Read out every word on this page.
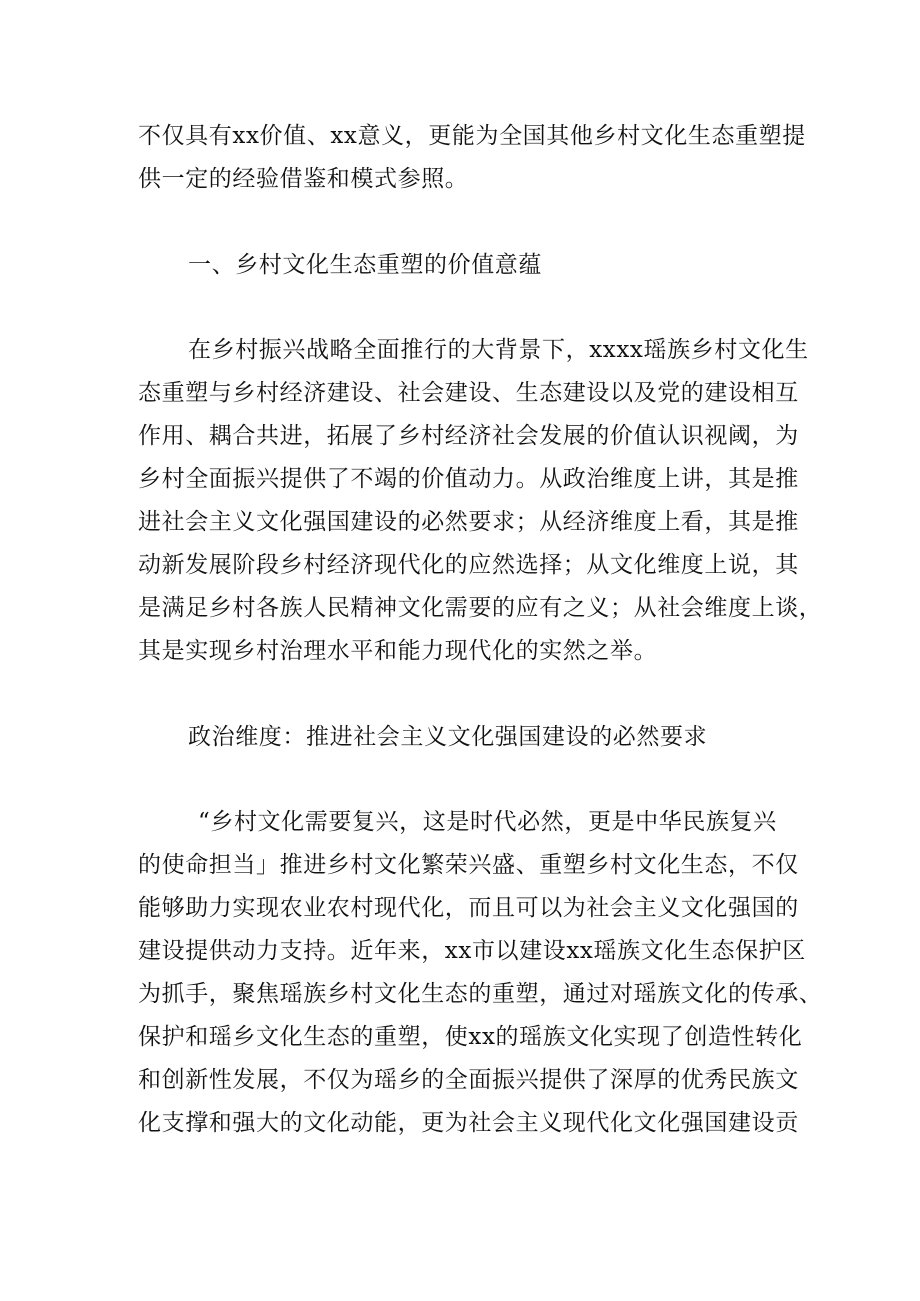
不仅具有xx价值、xx意义，更能为全国其他乡村文化生态重塑提
供一定的经验借鉴和模式参照。
一、乡村文化生态重塑的价值意蕴
在乡村振兴战略全面推行的大背景下，xxxx瑶族乡村文化生
态重塑与乡村经济建设、社会建设、生态建设以及党的建设相互
作用、耦合共进，拓展了乡村经济社会发展的价值认识视阈，为
乡村全面振兴提供了不竭的价值动力。从政治维度上讲，其是推
进社会主义文化强国建设的必然要求；从经济维度上看，其是推
动新发展阶段乡村经济现代化的应然选择；从文化维度上说，其
是满足乡村各族人民精神文化需要的应有之义；从社会维度上谈，
其是实现乡村治理水平和能力现代化的实然之举。
政治维度：推进社会主义文化强国建设的必然要求
“乡村文化需要复兴，这是时代必然，更是中华民族复兴
的使命担当」推进乡村文化繁荣兴盛、重塑乡村文化生态，不仅
能够助力实现农业农村现代化，而且可以为社会主义文化强国的
建设提供动力支持。近年来，xx市以建设xx瑶族文化生态保护区
为抓手，聚焦瑶族乡村文化生态的重塑，通过对瑶族文化的传承、
保护和瑶乡文化生态的重塑，使xx的瑶族文化实现了创造性转化
和创新性发展，不仅为瑶乡的全面振兴提供了深厚的优秀民族文
化支撑和强大的文化动能，更为社会主义现代化文化强国建设贡
